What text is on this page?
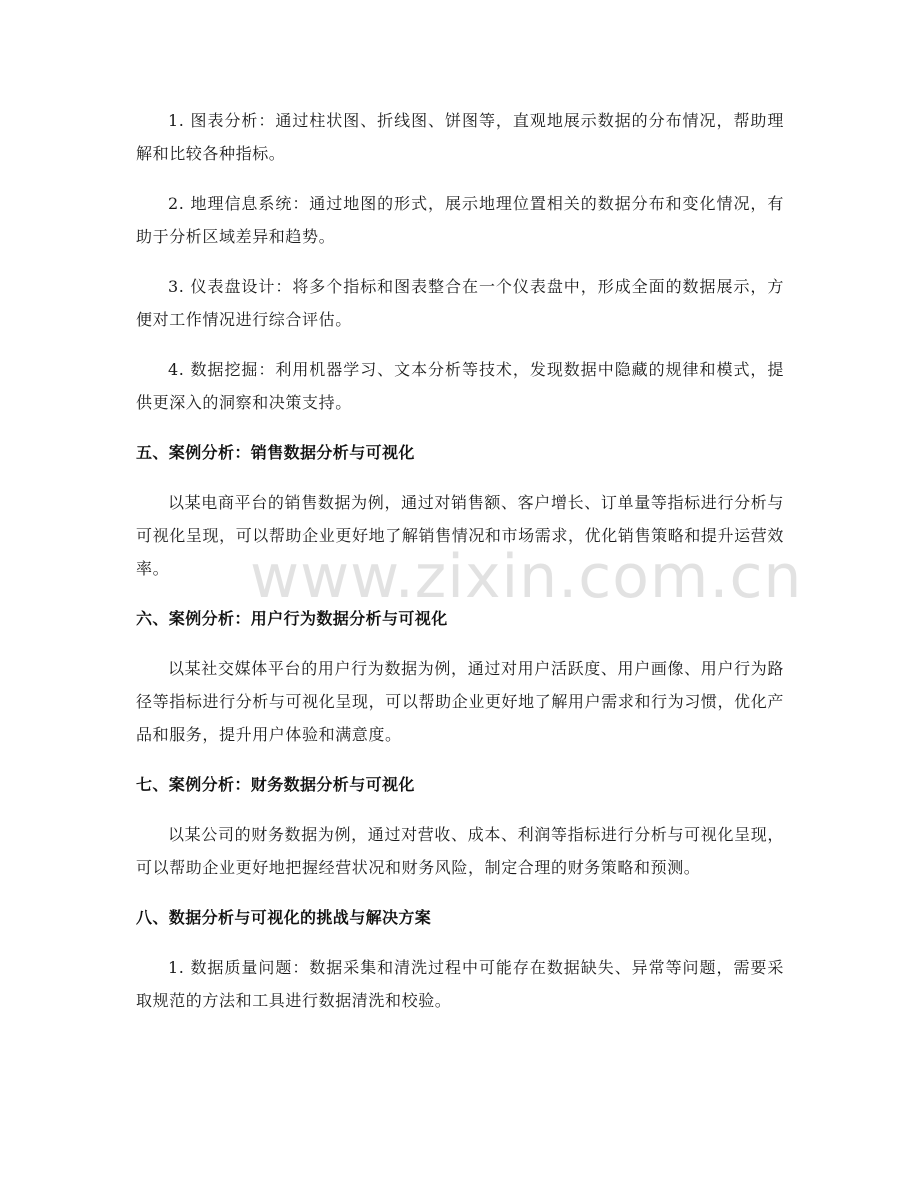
1. 图表分析：通过柱状图、折线图、饼图等，直观地展示数据的分布情况，帮助理解和比较各种指标。

2. 地理信息系统：通过地图的形式，展示地理位置相关的数据分布和变化情况，有助于分析区域差异和趋势。

3. 仪表盘设计：将多个指标和图表整合在一个仪表盘中，形成全面的数据展示，方便对工作情况进行综合评估。

4. 数据挖掘：利用机器学习、文本分析等技术，发现数据中隐藏的规律和模式，提供更深入的洞察和决策支持。

五、案例分析：销售数据分析与可视化

以某电商平台的销售数据为例，通过对销售额、客户增长、订单量等指标进行分析与可视化呈现，可以帮助企业更好地了解销售情况和市场需求，优化销售策略和提升运营效率。

六、案例分析：用户行为数据分析与可视化

以某社交媒体平台的用户行为数据为例，通过对用户活跃度、用户画像、用户行为路径等指标进行分析与可视化呈现，可以帮助企业更好地了解用户需求和行为习惯，优化产品和服务，提升用户体验和满意度。

七、案例分析：财务数据分析与可视化

以某公司的财务数据为例，通过对营收、成本、利润等指标进行分析与可视化呈现，可以帮助企业更好地把握经营状况和财务风险，制定合理的财务策略和预测。

八、数据分析与可视化的挑战与解决方案

1. 数据质量问题：数据采集和清洗过程中可能存在数据缺失、异常等问题，需要采取规范的方法和工具进行数据清洗和校验。

www.zixin.com.cn
